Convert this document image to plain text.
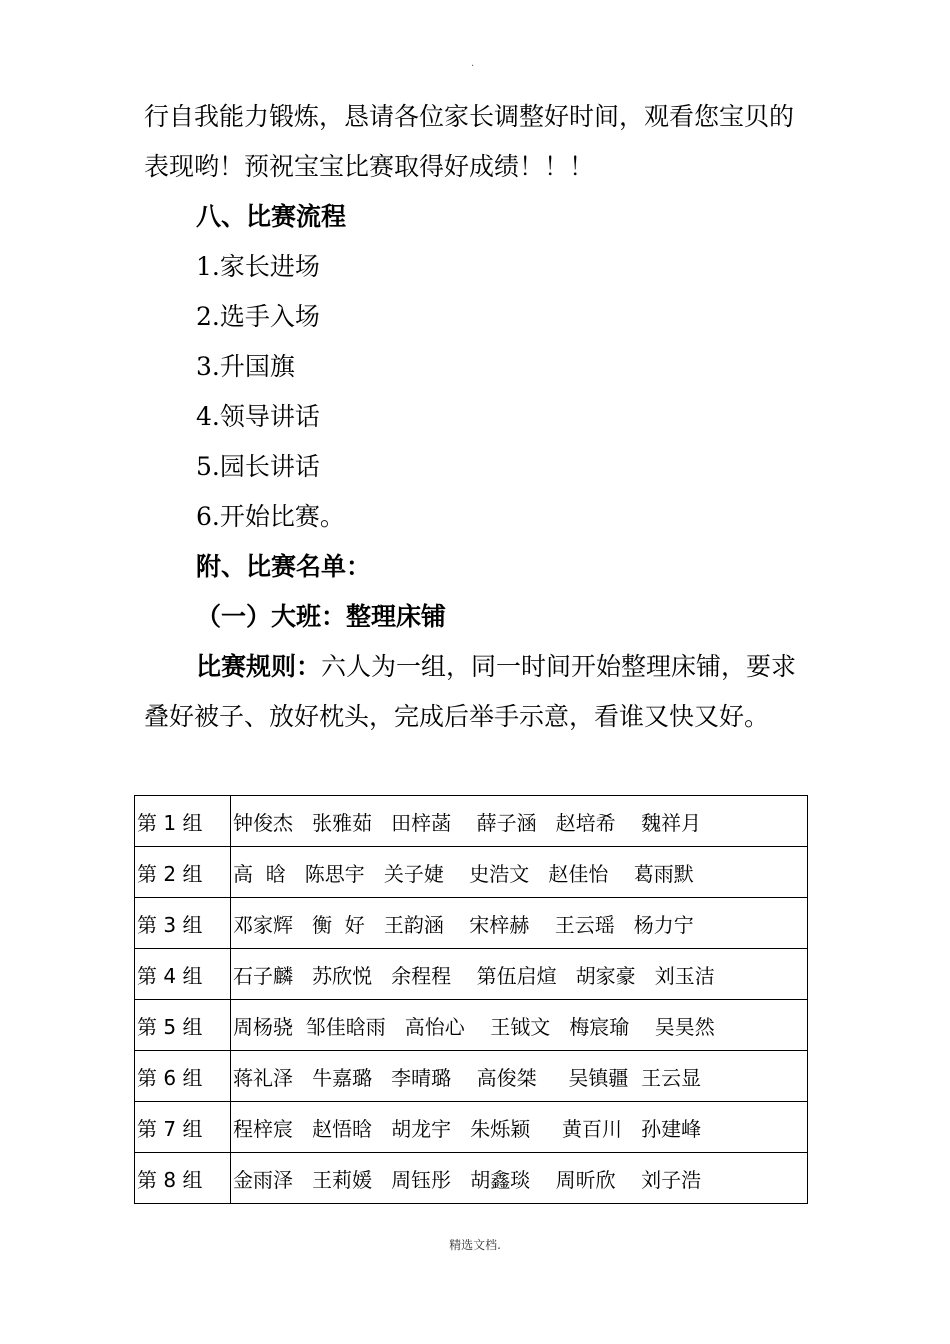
.
行自我能力锻炼，恳请各位家长调整好时间，观看您宝贝的
表现哟！预祝宝宝比赛取得好成绩！！！
八、比赛流程
1.家长进场
2.选手入场
3.升国旗
4.领导讲话
5.园长讲话
6.开始比赛。
附、比赛名单：
（一）大班：整理床铺
比赛规则：六人为一组，同一时间开始整理床铺，要求
叠好被子、放好枕头，完成后举手示意，看谁又快又好。
第 1 组	钟俊杰   张雅茹   田梓菡    薛子涵   赵培希    魏祥月
第 2 组	高  晗   陈思宇   关子婕    史浩文   赵佳怡    葛雨默
第 3 组	邓家辉   衡  好   王韵涵    宋梓赫    王云瑶   杨力宁
第 4 组	石子麟   苏欣悦   余程程    第伍启煊   胡家豪   刘玉洁
第 5 组	周杨骁  邹佳晗雨   高怡心    王钺文   梅宸瑜    吴昊然
第 6 组	蒋礼泽   牛嘉璐   李晴璐    高俊桀     吴镇疆  王云显
第 7 组	程梓宸   赵悟晗   胡龙宇   朱烁颖     黄百川   孙建峰
第 8 组	金雨泽   王莉媛   周钰彤   胡鑫琰    周昕欣    刘子浩
精选文档.
